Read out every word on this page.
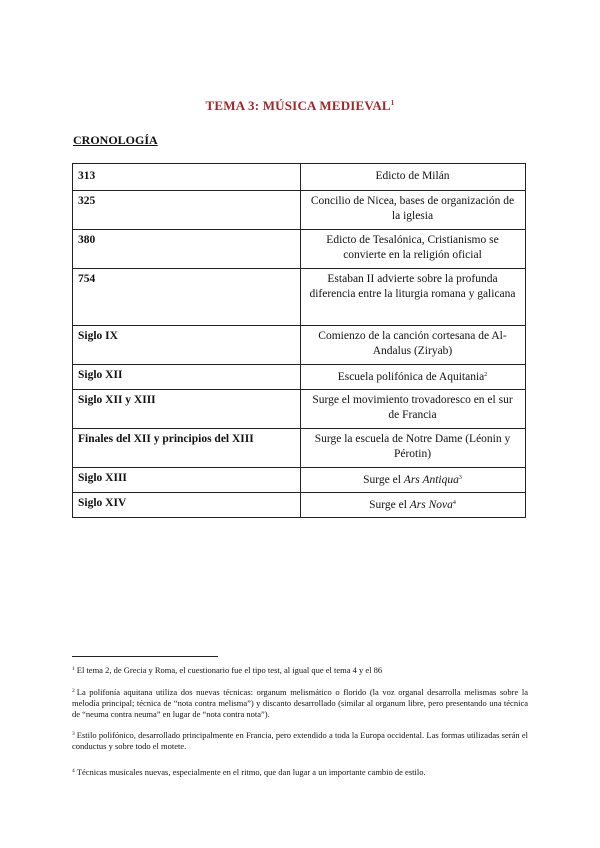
TEMA 3: MÚSICA MEDIEVAL$^1$
CRONOLOGÍA
313	Edicto de Milán
325	Concilio de Nicea, bases de organización de la iglesia
380	Edicto de Tesalónica, Cristianismo se convierte en la religión oficial
754	Estaban II advierte sobre la profunda diferencia entre la liturgia romana y galicana
Siglo IX	Comienzo de la canción cortesana de Al-Andalus (Ziryab)
Siglo XII	Escuela polifónica de Aquitania$^2$
Siglo XII y XIII	Surge el movimiento trovadoresco en el sur de Francia
Finales del XII y principios del XIII	Surge la escuela de Notre Dame (Léonin y Pérotin)
Siglo XIII	Surge el Ars Antiqua$^3$
Siglo XIV	Surge el Ars Nova$^4$
$^1$ El tema 2, de Grecia y Roma, el cuestionario fue el tipo test, al igual que el tema 4 y el 86
$^2$ La polifonía aquitana utiliza dos nuevas técnicas: organum melismático o florido (la voz organal desarrolla melismas sobre la melodía principal; técnica de “nota contra melisma”) y discanto desarrollado (similar al organum libre, pero presentando una técnica de “neuma contra neuma” en lugar de “nota contra nota”).
$^3$ Estilo polifónico, desarrollado principalmente en Francia, pero extendido a toda la Europa occidental. Las formas utilizadas serán el conductus y sobre todo el motete.
$^4$ Técnicas musicales nuevas, especialmente en el ritmo, que dan lugar a un importante cambio de estilo.
